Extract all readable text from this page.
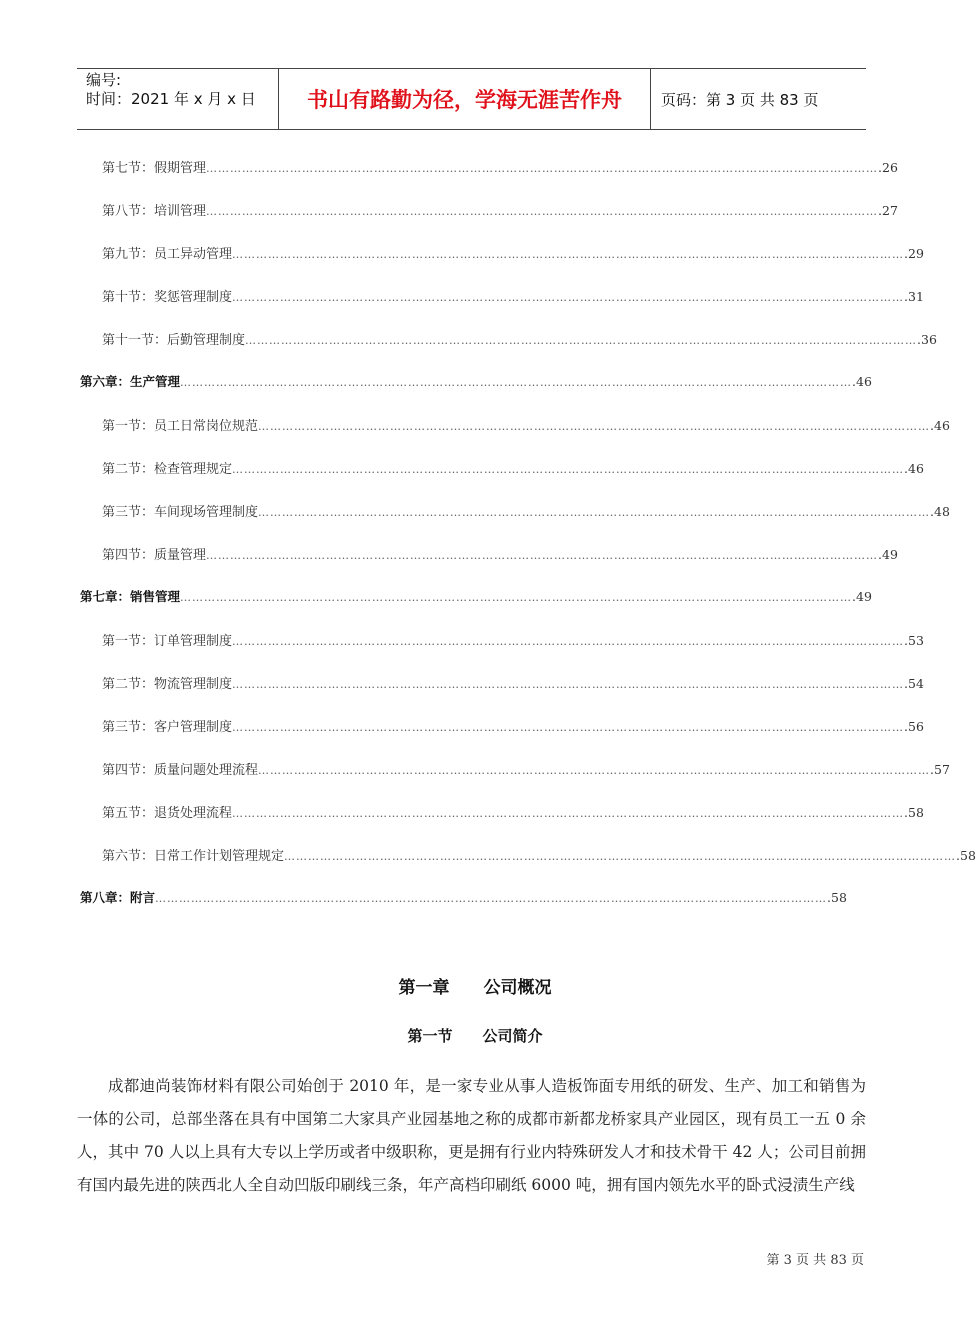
编号:
时间：2021 年 x 月 x 日	书山有路勤为径，学海无涯苦作舟	页码：第 3 页 共 83 页
第七节：假期管理 …………………………………………………………………………………………………………………………………………………… .26
第八节：培训管理 …………………………………………………………………………………………………………………………………………………… .27
第九节：员工异动管理 …………………………………………………………………………………………………………………………………………………… .29
第十节：奖惩管理制度 …………………………………………………………………………………………………………………………………………………… .31
第十一节：后勤管理制度 …………………………………………………………………………………………………………………………………………………… .36
第六章：生产管理 …………………………………………………………………………………………………………………………………………………… .46
第一节：员工日常岗位规范 …………………………………………………………………………………………………………………………………………………… .46
第二节：检查管理规定 …………………………………………………………………………………………………………………………………………………… .46
第三节：车间现场管理制度 …………………………………………………………………………………………………………………………………………………… .48
第四节：质量管理 …………………………………………………………………………………………………………………………………………………… .49
第七章：销售管理 …………………………………………………………………………………………………………………………………………………… .49
第一节：订单管理制度 …………………………………………………………………………………………………………………………………………………… .53
第二节：物流管理制度 …………………………………………………………………………………………………………………………………………………… .54
第三节：客户管理制度 …………………………………………………………………………………………………………………………………………………… .56
第四节：质量问题处理流程 …………………………………………………………………………………………………………………………………………………… .57
第五节：退货处理流程 …………………………………………………………………………………………………………………………………………………… .58
第六节：日常工作计划管理规定 …………………………………………………………………………………………………………………………………………………… .58
第八章：附言 …………………………………………………………………………………………………………………………………………………… .58
第一章　　公司概况
第一节　　公司简介
成都迪尚装饰材料有限公司始创于 2010 年，是一家专业从事人造板饰面专用纸的研发、生产、加工和销售为一体的公司，总部坐落在具有中国第二大家具产业园基地之称的成都市新都龙桥家具产业园区，现有员工一五 0 余人，其中 70 人以上具有大专以上学历或者中级职称，更是拥有行业内特殊研发人才和技术骨干 42 人；公司目前拥有国内最先进的陕西北人全自动凹版印刷线三条，年产高档印刷纸 6000 吨，拥有国内领先水平的卧式浸渍生产线
第 3 页 共 83 页
